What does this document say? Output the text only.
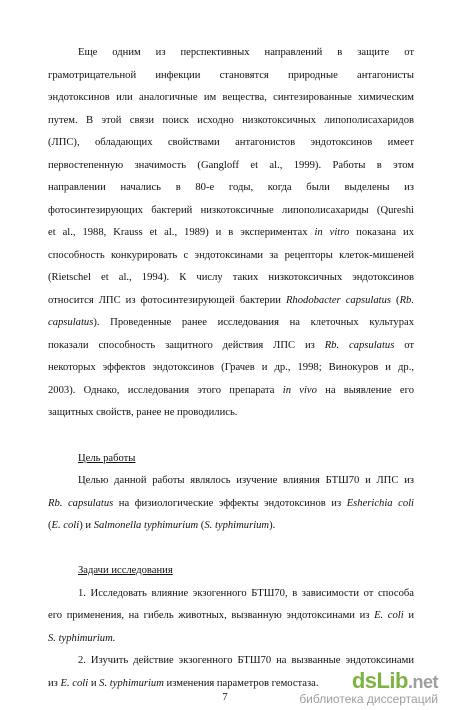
Еще одним из перспективных направлений в защите от
грамотрицательной инфекции становятся природные антагонисты
эндотоксинов или аналогичные им вещества, синтезированные химическим
путем. В этой связи поиск исходно низкотоксичных липополисахаридов
(ЛПС), обладающих свойствами антагонистов эндотоксинов имеет
первостепенную значимость (Gangloff et al., 1999). Работы в этом
направлении начались в 80-е годы, когда были выделены из
фотосинтезирующих бактерий низкотоксичные липополисахариды (Qureshi
et al., 1988, Krauss et al., 1989) и в экспериментах in vitro показана их
способность конкурировать с эндотоксинами за рецепторы клеток-мишеней
(Rietschel et al., 1994). К числу таких низкотоксичных эндотоксинов
относится ЛПС из фотосинтезирующей бактерии Rhodobacter capsulatus (Rb.
capsulatus). Проведенные ранее исследования на клеточных культурах
показали способность защитного действия ЛПС из Rb. capsulatus от
некоторых эффектов эндотоксинов (Грачев и др., 1998; Винокуров и др.,
2003). Однако, исследования этого препарата in vivo на выявление его
защитных свойств, ранее не проводились.
Цель работы
Целью данной работы являлось изучение влияния БТШ70 и ЛПС из
Rb. capsulatus на физиологические эффекты эндотоксинов из Esherichia coli
(E. coli) и Salmonella typhimurium (S. typhimurium).
Задачи исследования
1. Исследовать влияние экзогенного БТШ70, в зависимости от способа
его применения, на гибель животных, вызванную эндотоксинами из E. coli и
S. typhimurium.
2. Изучить действие экзогенного БТШ70 на вызванные эндотоксинами
из E. coli и S. typhimurium изменения параметров гемостаза.
7
dsLib.net
библиотека диссертаций
